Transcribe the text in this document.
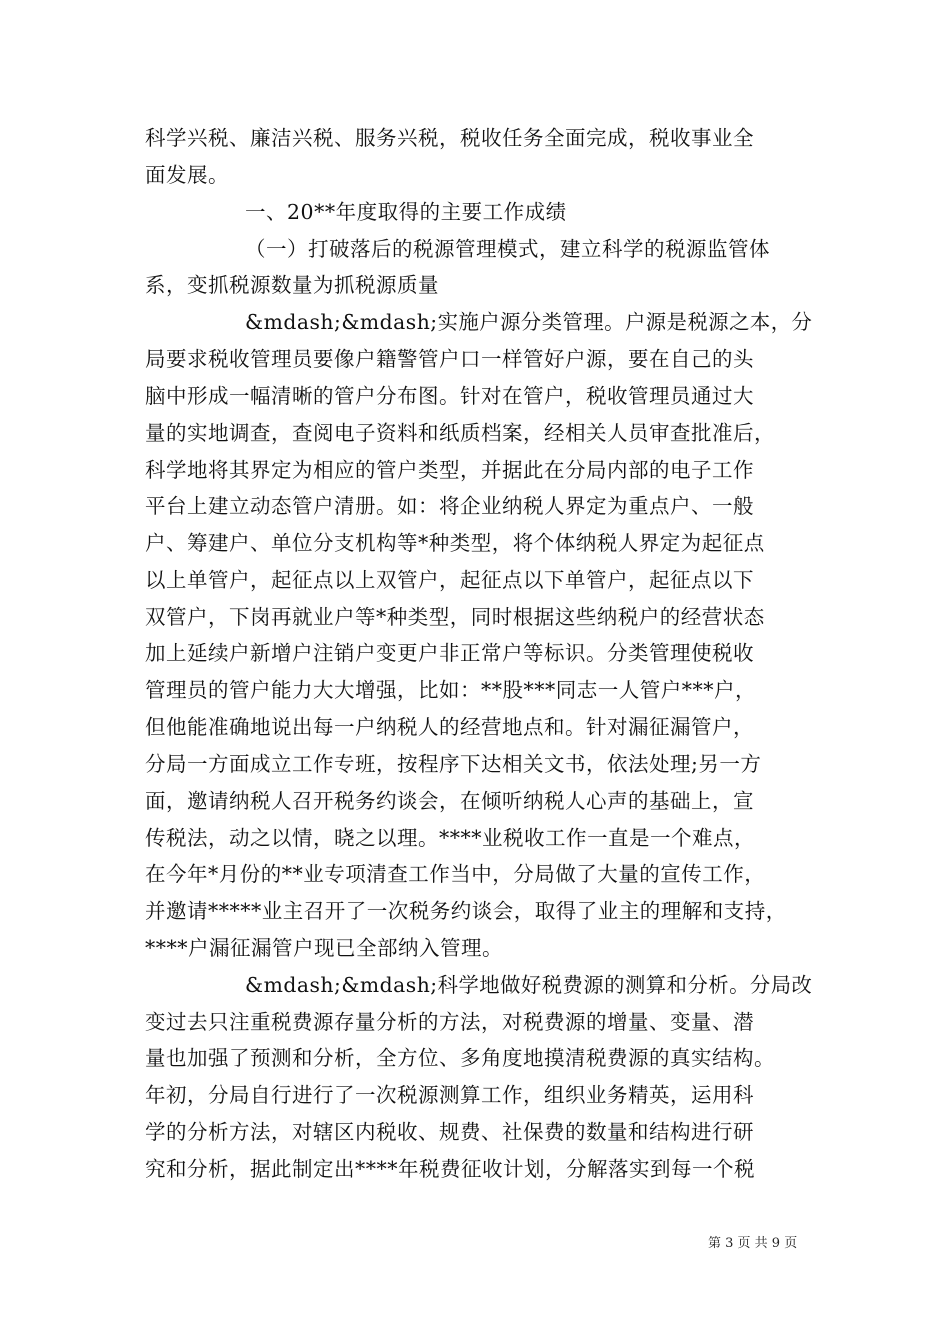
科学兴税、廉洁兴税、服务兴税，税收任务全面完成，税收事业全
面发展。
一、20**年度取得的主要工作成绩
（一）打破落后的税源管理模式，建立科学的税源监管体
系，变抓税源数量为抓税源质量
&mdash;&mdash;实施户源分类管理。户源是税源之本，分
局要求税收管理员要像户籍警管户口一样管好户源，要在自己的头
脑中形成一幅清晰的管户分布图。针对在管户，税收管理员通过大
量的实地调查，查阅电子资料和纸质档案，经相关人员审查批准后，
科学地将其界定为相应的管户类型，并据此在分局内部的电子工作
平台上建立动态管户清册。如：将企业纳税人界定为重点户、一般
户、筹建户、单位分支机构等*种类型，将个体纳税人界定为起征点
以上单管户，起征点以上双管户，起征点以下单管户，起征点以下
双管户，下岗再就业户等*种类型，同时根据这些纳税户的经营状态
加上延续户新增户注销户变更户非正常户等标识。分类管理使税收
管理员的管户能力大大增强，比如：**股***同志一人管户***户，
但他能准确地说出每一户纳税人的经营地点和。针对漏征漏管户，
分局一方面成立工作专班，按程序下达相关文书，依法处理;另一方
面，邀请纳税人召开税务约谈会，在倾听纳税人心声的基础上，宣
传税法，动之以情，晓之以理。****业税收工作一直是一个难点，
在今年*月份的**业专项清查工作当中，分局做了大量的宣传工作，
并邀请*****业主召开了一次税务约谈会，取得了业主的理解和支持，
****户漏征漏管户现已全部纳入管理。
&mdash;&mdash;科学地做好税费源的测算和分析。分局改
变过去只注重税费源存量分析的方法，对税费源的增量、变量、潜
量也加强了预测和分析，全方位、多角度地摸清税费源的真实结构。
年初，分局自行进行了一次税源测算工作，组织业务精英，运用科
学的分析方法，对辖区内税收、规费、社保费的数量和结构进行研
究和分析，据此制定出****年税费征收计划，分解落实到每一个税
第 3 页 共 9 页
